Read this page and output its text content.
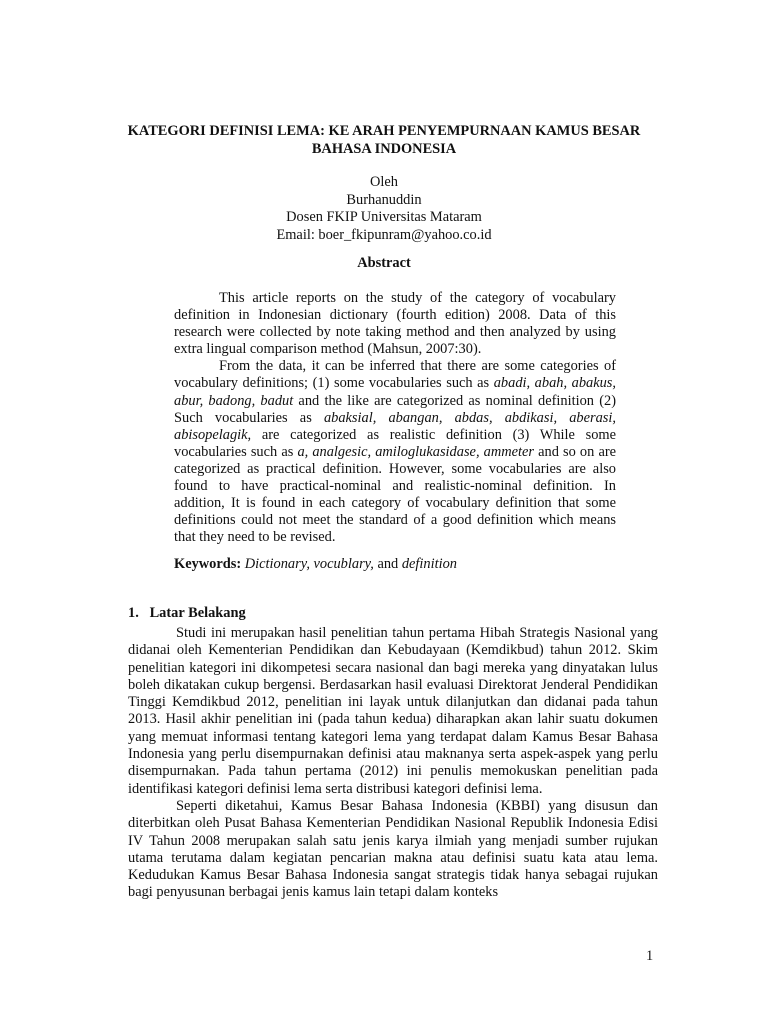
KATEGORI DEFINISI LEMA: KE ARAH PENYEMPURNAAN KAMUS BESAR BAHASA INDONESIA
Oleh
Burhanuddin
Dosen FKIP Universitas Mataram
Email: boer_fkipunram@yahoo.co.id
Abstract

This article reports on the study of the category of vocabulary definition in Indonesian dictionary (fourth edition) 2008. Data of this research were collected by note taking method and then analyzed by using extra lingual comparison method (Mahsun, 2007:30).

From the data, it can be inferred that there are some categories of vocabulary definitions; (1) some vocabularies such as abadi, abah, abakus, abur, badong, badut and the like are categorized as nominal definition (2) Such vocabularies as abaksial, abangan, abdas, abdikasi, aberasi, abisopelagik, are categorized as realistic definition (3) While some vocabularies such as a, analgesic, amiloglukasidase, ammeter and so on are categorized as practical definition. However, some vocabularies are also found to have practical-nominal and realistic-nominal definition. In addition, It is found in each category of vocabulary definition that some definitions could not meet the standard of a good definition which means that they need to be revised.

Keywords: Dictionary, vocublary, and definition
1.   Latar Belakang

Studi ini merupakan hasil penelitian tahun pertama Hibah Strategis Nasional yang didanai oleh Kementerian Pendidikan dan Kebudayaan (Kemdikbud) tahun 2012. Skim penelitian kategori ini dikompetesi secara nasional dan bagi mereka yang dinyatakan lulus boleh dikatakan cukup bergensi. Berdasarkan hasil evaluasi Direktorat Jenderal Pendidikan Tinggi Kemdikbud 2012, penelitian ini layak untuk dilanjutkan dan didanai pada tahun 2013. Hasil akhir penelitian ini (pada tahun kedua) diharapkan akan lahir suatu dokumen yang memuat informasi tentang kategori lema yang terdapat dalam Kamus Besar Bahasa Indonesia yang perlu disempurnakan definisi atau maknanya serta aspek-aspek yang perlu disempurnakan. Pada tahun pertama (2012) ini penulis memokuskan penelitian pada identifikasi kategori definisi lema serta distribusi kategori definisi lema.

Seperti diketahui, Kamus Besar Bahasa Indonesia (KBBI) yang disusun dan diterbitkan oleh Pusat Bahasa Kementerian Pendidikan Nasional Republik Indonesia Edisi IV Tahun 2008 merupakan salah satu jenis karya ilmiah yang menjadi sumber rujukan utama terutama dalam kegiatan pencarian makna atau definisi suatu kata atau lema. Kedudukan Kamus Besar Bahasa Indonesia sangat strategis tidak hanya sebagai rujukan bagi penyusunan berbagai jenis kamus lain tetapi dalam konteks

1
